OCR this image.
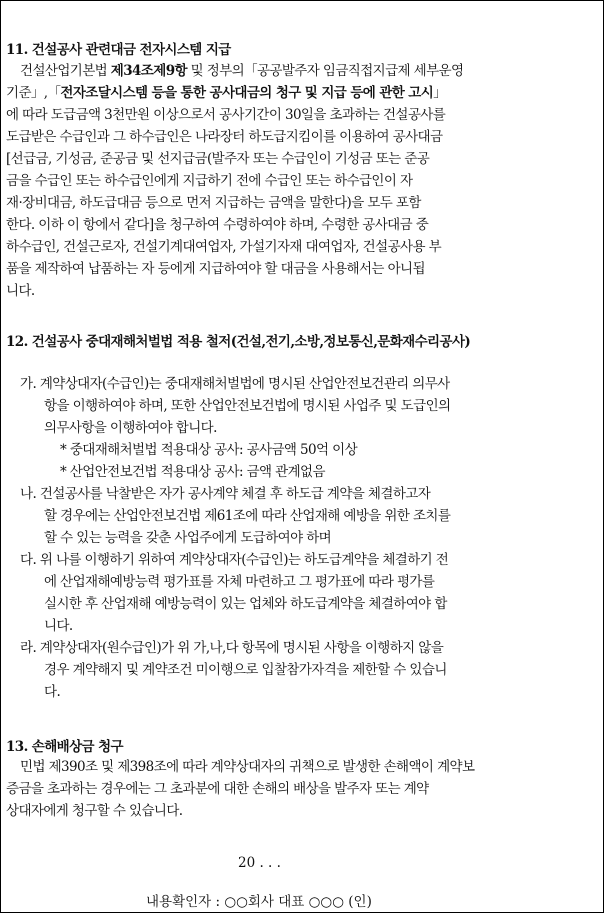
11. 건설공사 관련대금 전자시스템 지급
건설산업기본법 제34조제9항 및 정부의「공공발주자 임금직접지급제 세부운영
기준」,「전자조달시스템 등을 통한 공사대금의 청구 및 지급 등에 관한 고시」
에 따라 도급금액 3천만원 이상으로서 공사기간이 30일을 초과하는 건설공사를
도급받은 수급인과 그 하수급인은 나라장터 하도급지킴이를 이용하여 공사대금
[선급금, 기성금, 준공금 및 선지급금(발주자 또는 수급인이 기성금 또는 준공
금을 수급인 또는 하수급인에게 지급하기 전에 수급인 또는 하수급인이 자
재·장비대금, 하도급대금 등으로 먼저 지급하는 금액을 말한다)을 모두 포함
한다. 이하 이 항에서 같다]을 청구하여 수령하여야 하며, 수령한 공사대금 중
하수급인, 건설근로자, 건설기계대여업자, 가설기자재 대여업자, 건설공사용 부
품을 제작하여 납품하는 자 등에게 지급하여야 할 대금을 사용해서는 아니됩
니다.
12. 건설공사 중대재해처벌법 적용 철저(건설,전기,소방,정보통신,문화재수리공사)
가. 계약상대자(수급인)는 중대재해처벌법에 명시된 산업안전보건관리 의무사
항을 이행하여야 하며, 또한 산업안전보건법에 명시된 사업주 및 도급인의
의무사항을 이행하여야 합니다.
* 중대재해처벌법 적용대상 공사: 공사금액 50억 이상
* 산업안전보건법 적용대상 공사: 금액 관계없음
나. 건설공사를 낙찰받은 자가 공사계약 체결 후 하도급 계약을 체결하고자
할 경우에는 산업안전보건법 제61조에 따라 산업재해 예방을 위한 조치를
할 수 있는 능력을 갖춘 사업주에게 도급하여야 하며
다. 위 나를 이행하기 위하여 계약상대자(수급인)는 하도급계약을 체결하기 전
에 산업재해예방능력 평가표를 자체 마련하고 그 평가표에 따라 평가를
실시한 후 산업재해 예방능력이 있는 업체와 하도급계약을 체결하여야 합
니다.
라. 계약상대자(원수급인)가 위 가,나,다 항목에 명시된 사항을 이행하지 않을
경우 계약해지 및 계약조건 미이행으로 입찰참가자격을 제한할 수 있습니
다.
13. 손해배상금 청구
민법 제390조 및 제398조에 따라 계약상대자의 귀책으로 발생한 손해액이 계약보
증금을 초과하는 경우에는 그 초과분에 대한 손해의 배상을 발주자 또는 계약
상대자에게 청구할 수 있습니다.
20 . . .
내용확인자 : ○○회사 대표 ○○○ (인)
